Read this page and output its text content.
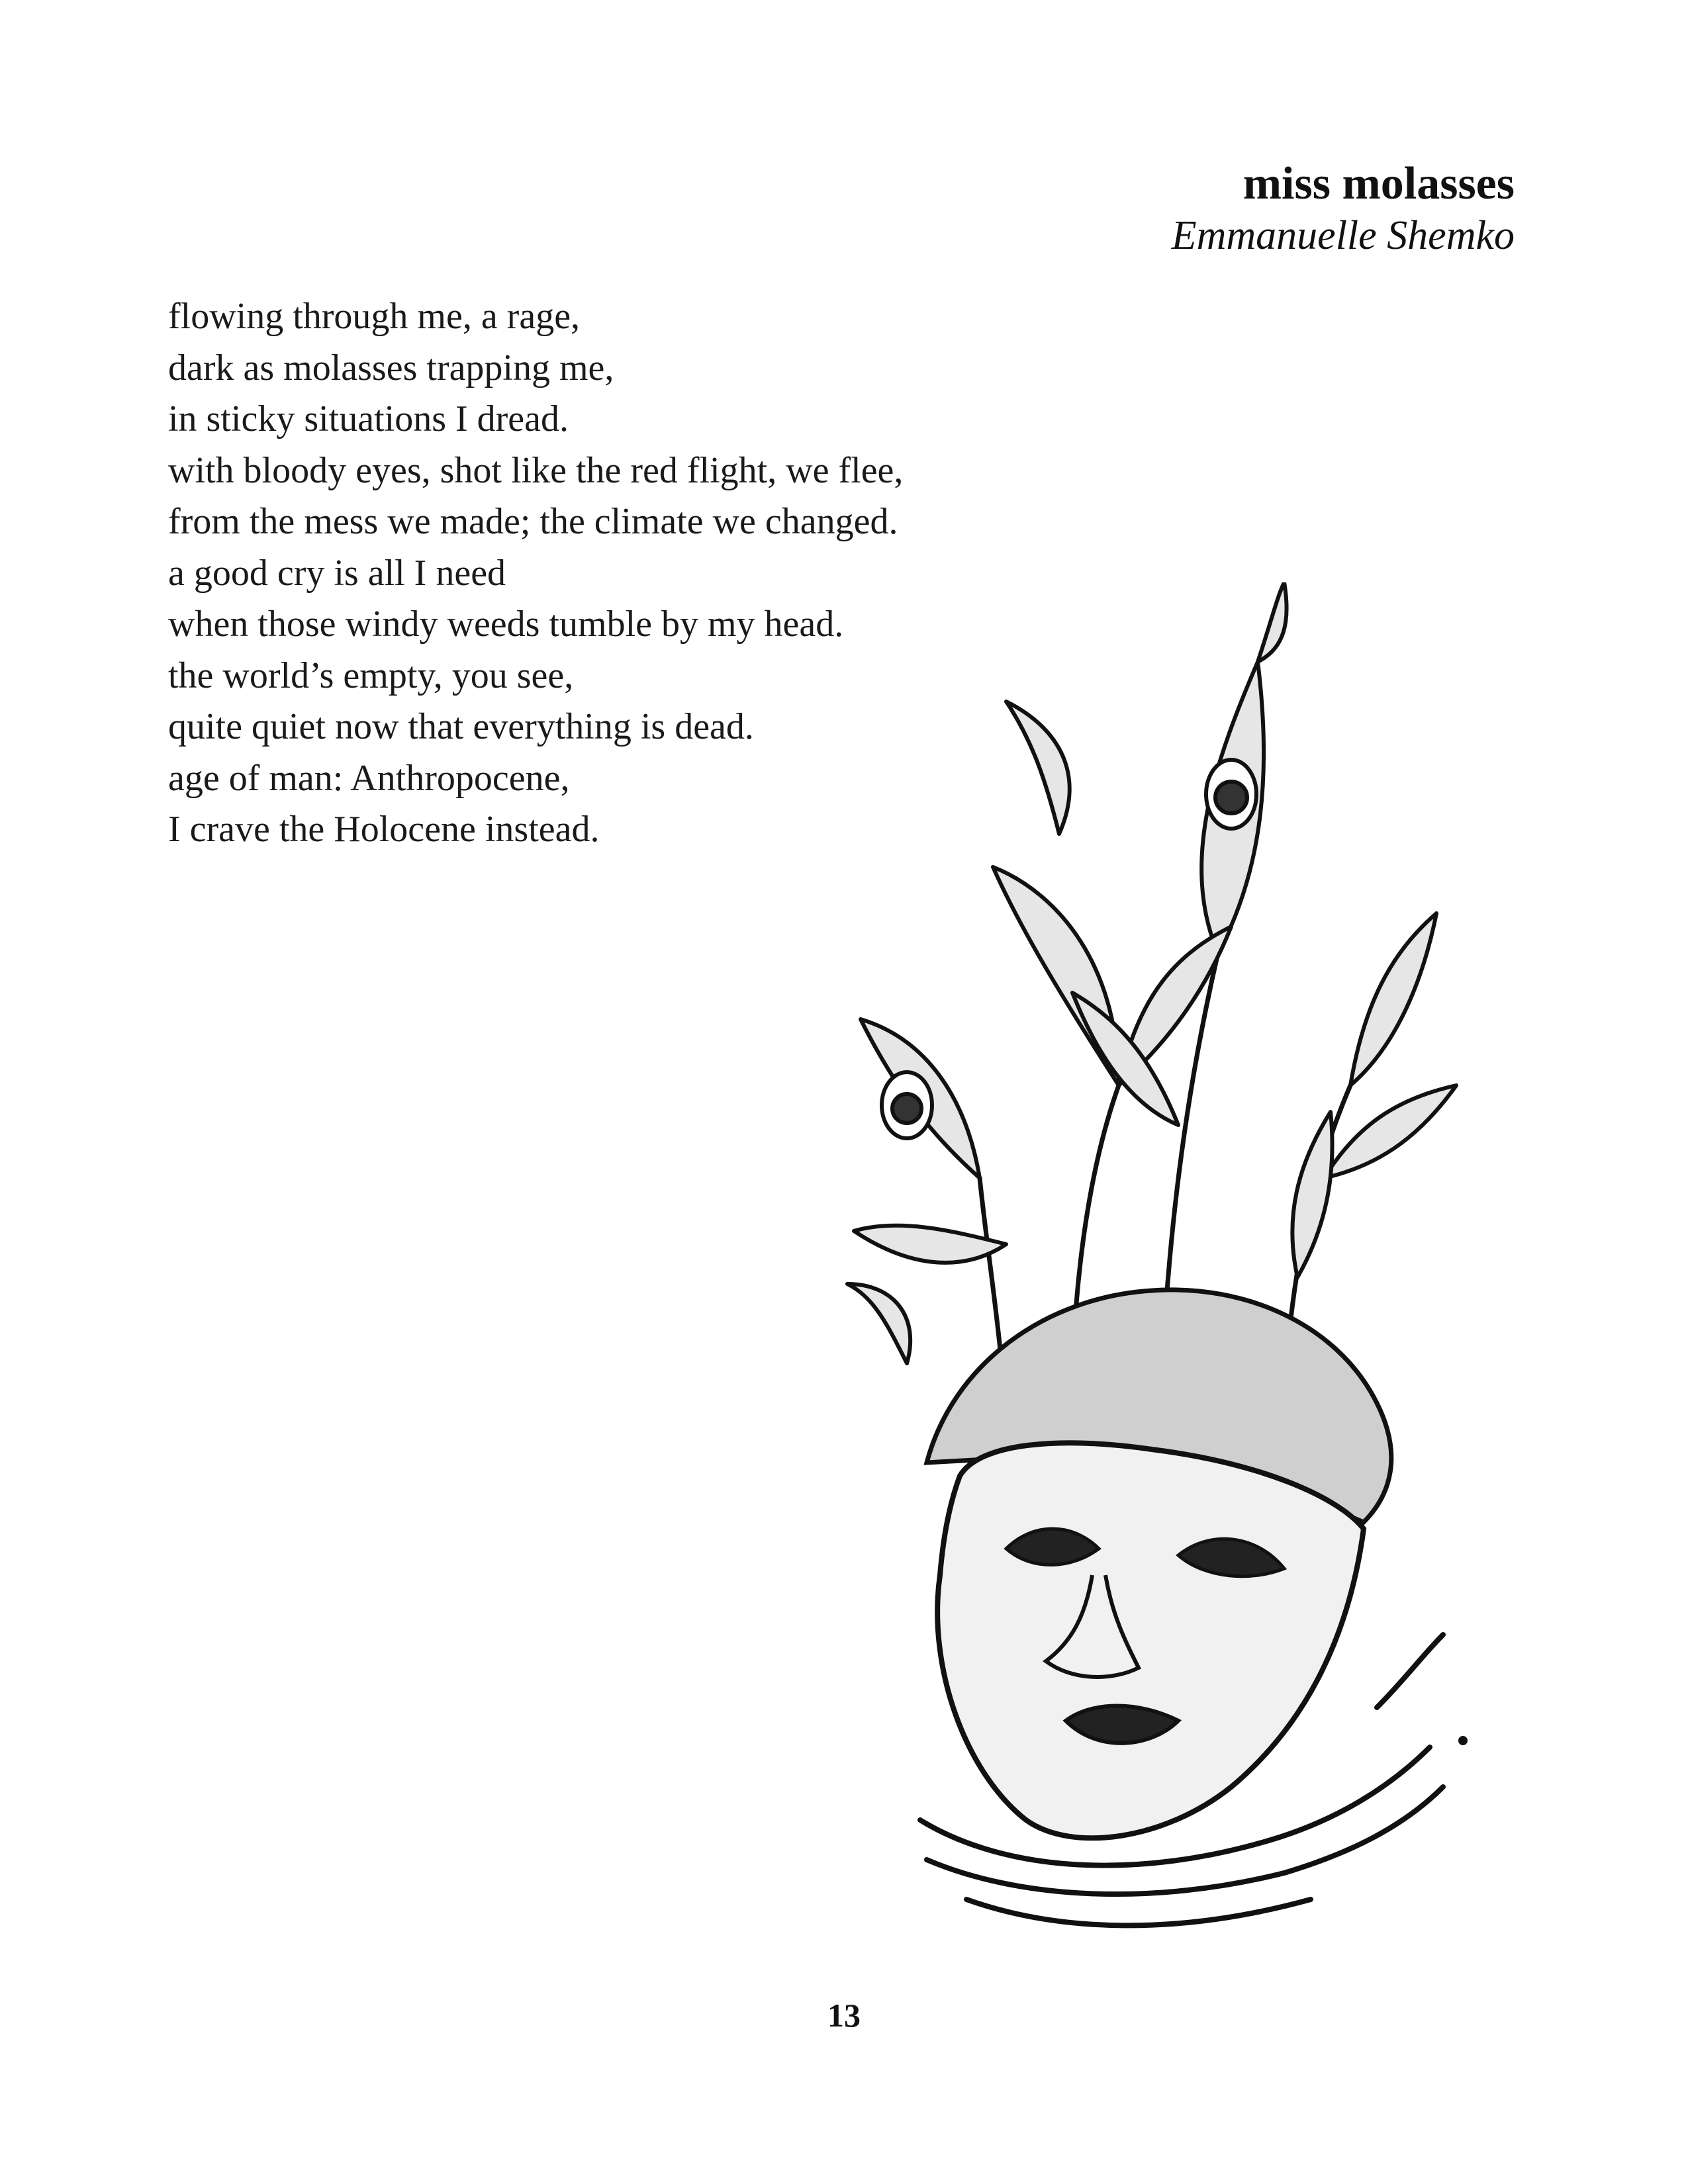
miss molasses

Emmanuelle Shemko

flowing through me, a rage,
dark as molasses trapping me,
in sticky situations I dread.
with bloody eyes, shot like the red flight, we flee,
from the mess we made; the climate we changed.
a good cry is all I need
when those windy weeds tumble by my head.
the world’s empty, you see,
quite quiet now that everything is dead.
age of man: Anthropocene,
I crave the Holocene instead.
13
